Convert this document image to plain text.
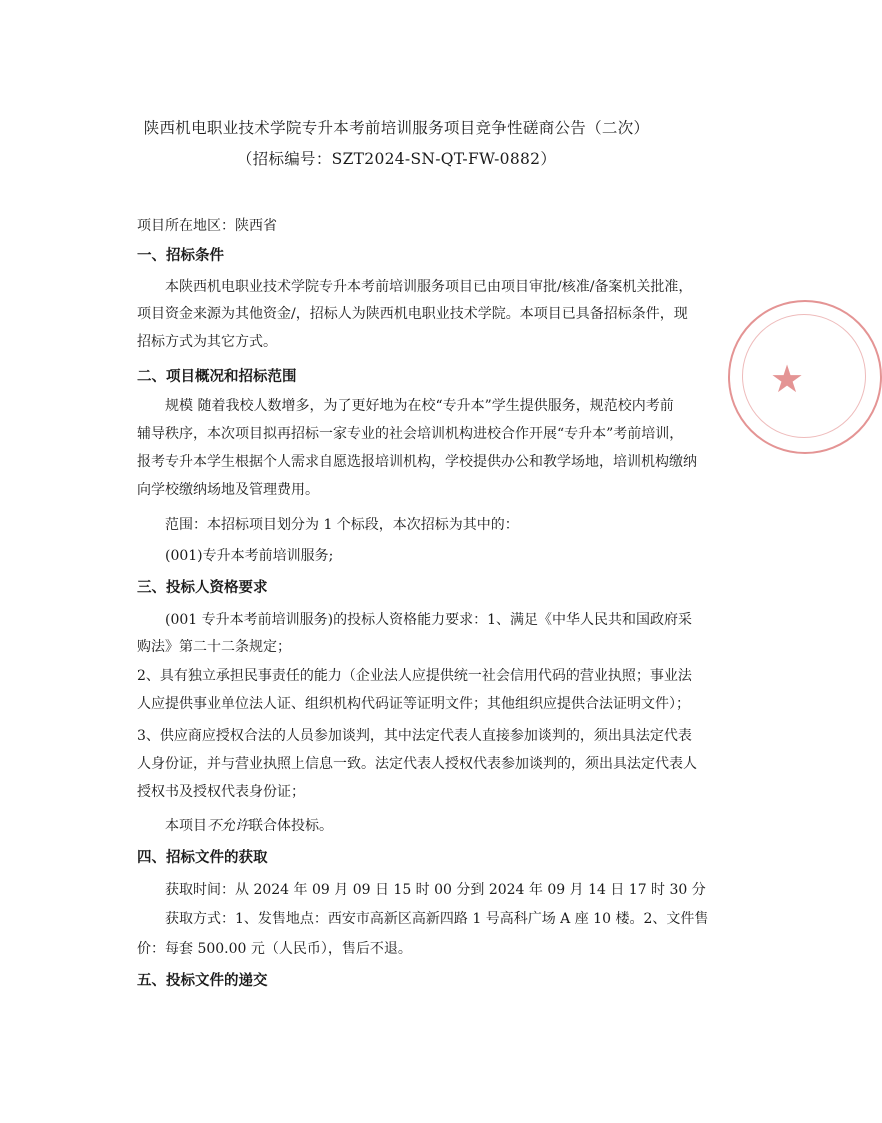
陕西机电职业技术学院专升本考前培训服务项目竞争性磋商公告（二次）
（招标编号：SZT2024-SN-QT-FW-0882）
项目所在地区：陕西省
一、招标条件
本陕西机电职业技术学院专升本考前培训服务项目已由项目审批/核准/备案机关批准，
项目资金来源为其他资金/，招标人为陕西机电职业技术学院。本项目已具备招标条件，现
招标方式为其它方式。
二、项目概况和招标范围
规模 随着我校人数增多，为了更好地为在校“专升本”学生提供服务，规范校内考前
辅导秩序，本次项目拟再招标一家专业的社会培训机构进校合作开展“专升本”考前培训，
报考专升本学生根据个人需求自愿选报培训机构，学校提供办公和教学场地，培训机构缴纳
向学校缴纳场地及管理费用。
范围：本招标项目划分为 1 个标段，本次招标为其中的：
(001)专升本考前培训服务;
三、投标人资格要求
(001 专升本考前培训服务)的投标人资格能力要求：1、满足《中华人民共和国政府采
购法》第二十二条规定；
2、具有独立承担民事责任的能力（企业法人应提供统一社会信用代码的营业执照；事业法
人应提供事业单位法人证、组织机构代码证等证明文件；其他组织应提供合法证明文件）；
3、供应商应授权合法的人员参加谈判，其中法定代表人直接参加谈判的，须出具法定代表
人身份证，并与营业执照上信息一致。法定代表人授权代表参加谈判的，须出具法定代表人
授权书及授权代表身份证；
本项目不允许联合体投标。
四、招标文件的获取
获取时间：从 2024 年 09 月 09 日 15 时 00 分到 2024 年 09 月 14 日 17 时 30 分
获取方式：1、发售地点：西安市高新区高新四路 1 号高科广场 A 座 10 楼。2、文件售
价：每套 500.00 元（人民币），售后不退。
五、投标文件的递交
★
